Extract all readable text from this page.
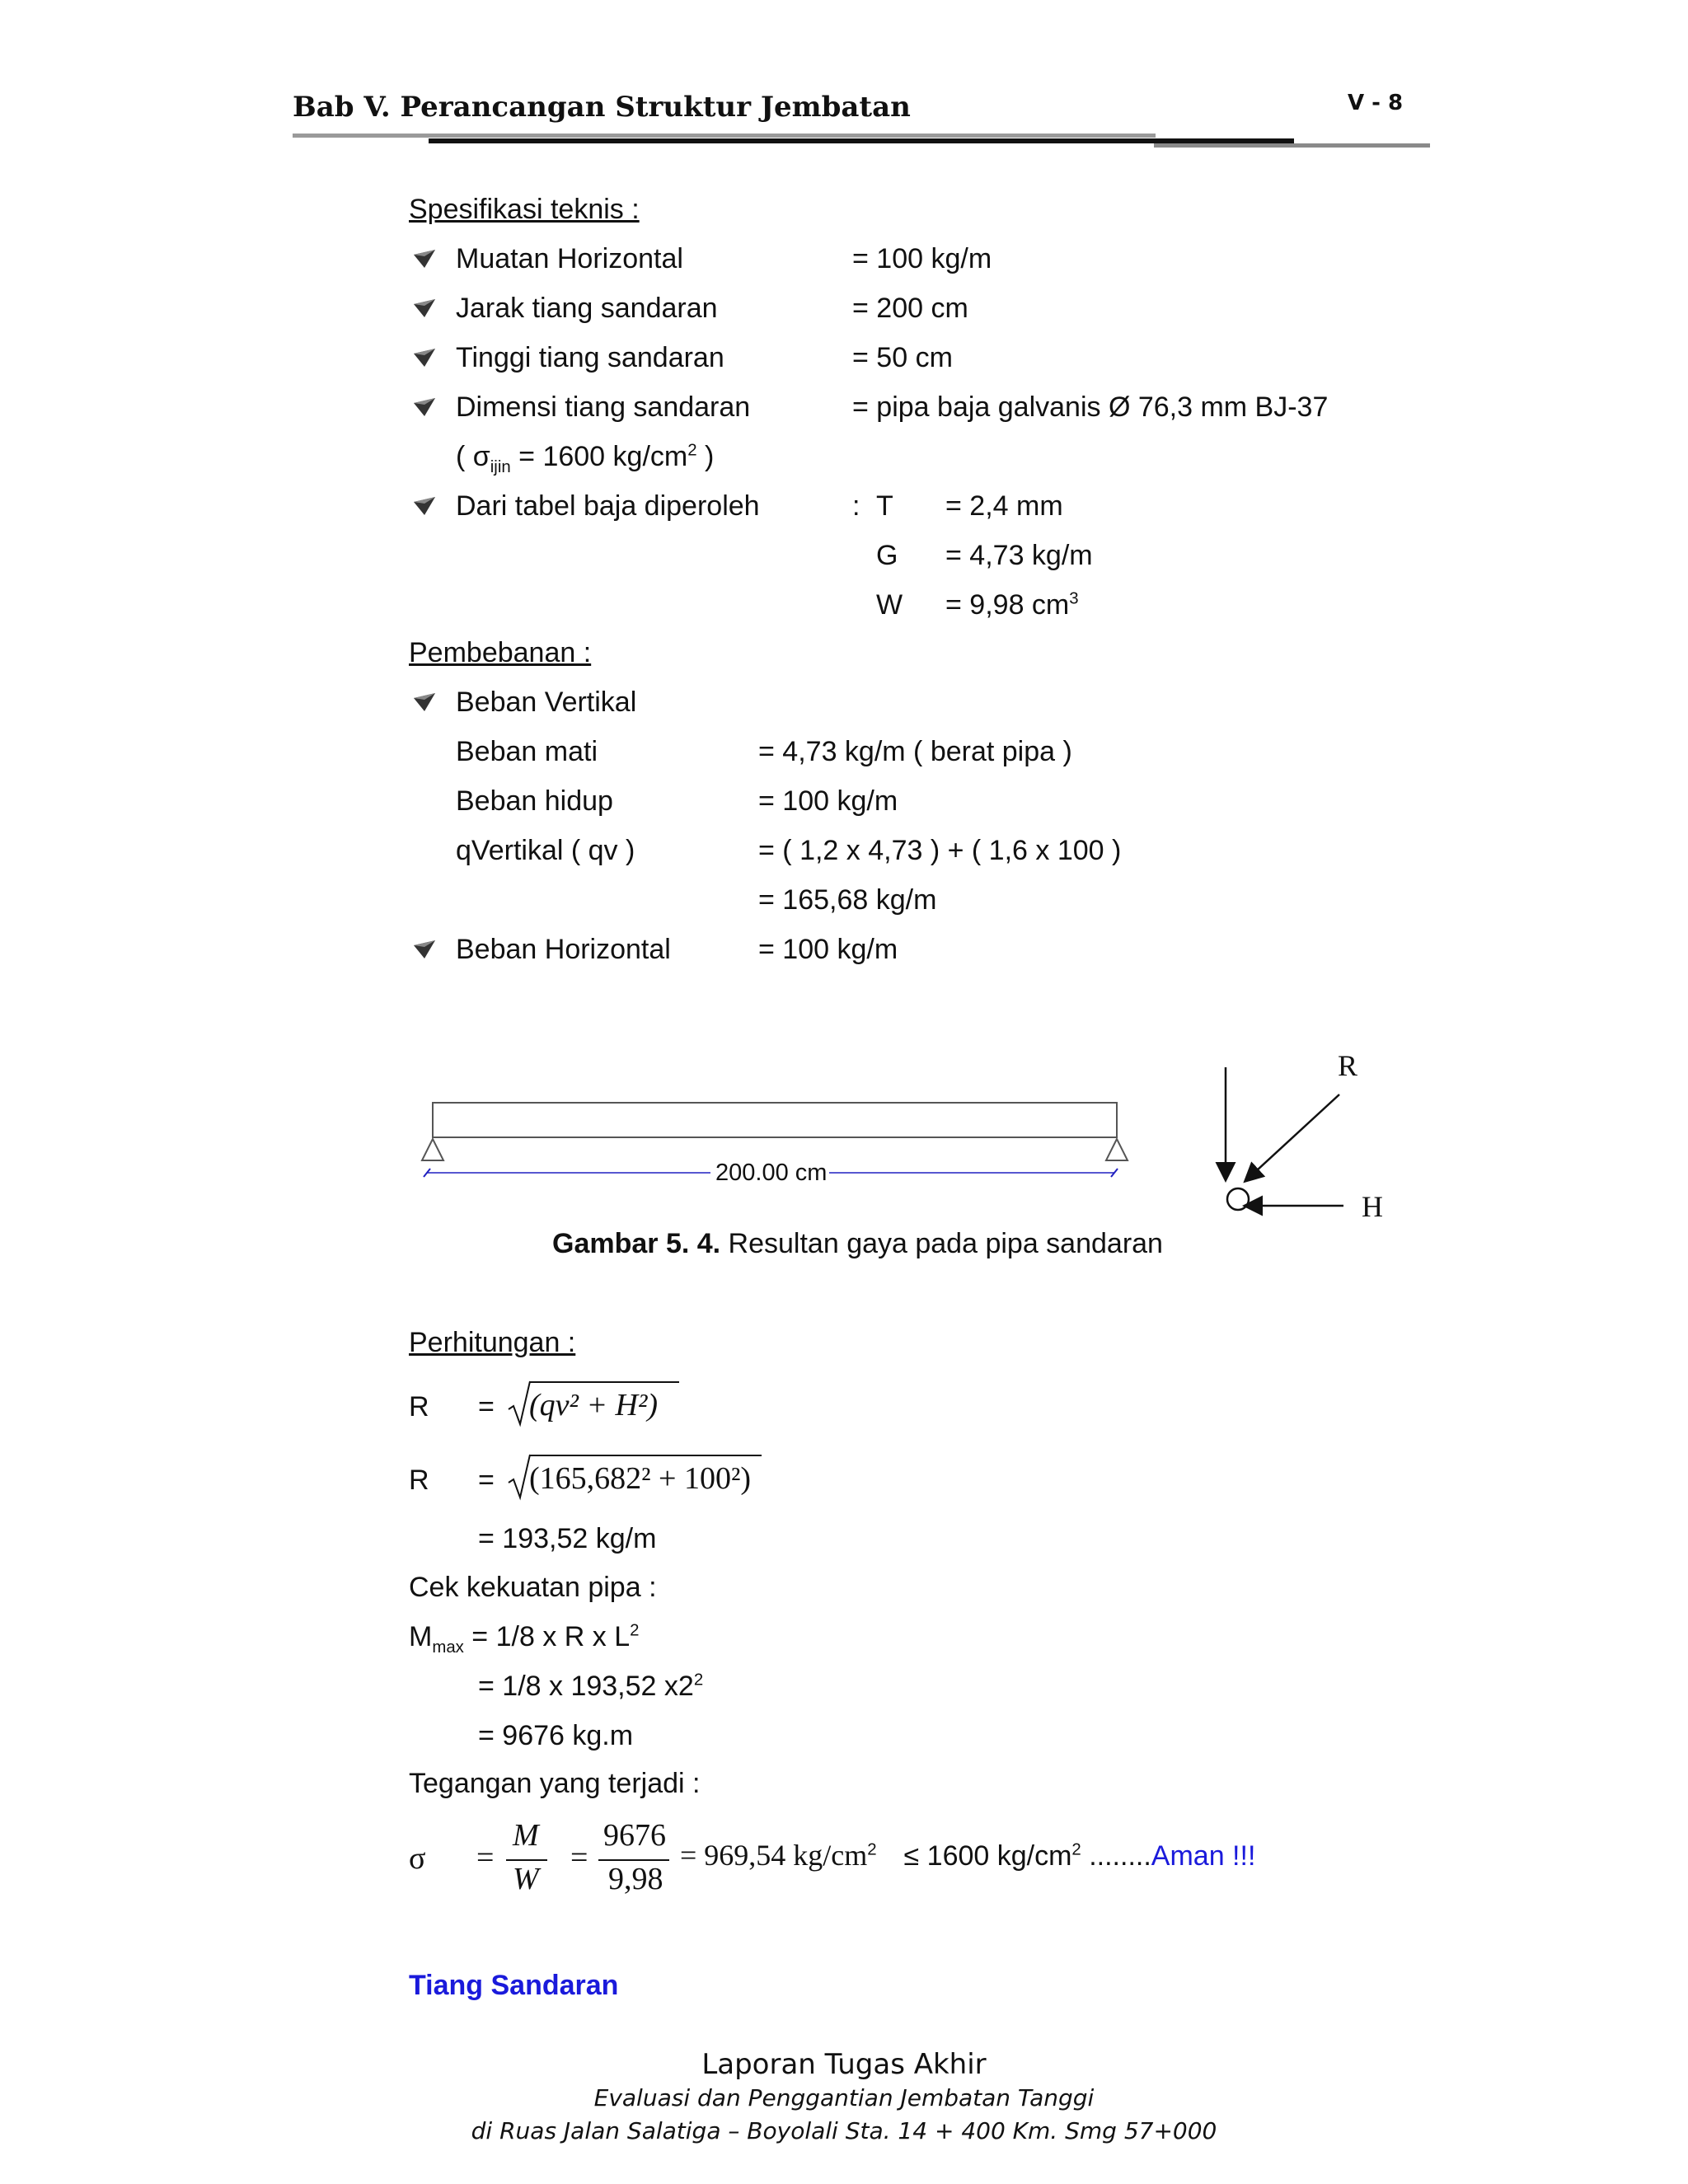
Bab V. Perancangan Struktur Jembatan	V - 8
Spesifikasi teknis :
Muatan Horizontal	= 100 kg/m
Jarak tiang sandaran	= 200 cm
Tinggi tiang sandaran	= 50 cm
Dimensi tiang sandaran	= pipa baja galvanis Ø 76,3 mm BJ-37
( $\sigma_{ijin} = 1600$ $kg/cm^2$ )
Dari tabel baja diperoleh	: T = 2,4 mm
G = 4,73 kg/m
W = 9,98 $cm^3$
Pembebanan :
Beban Vertikal
Beban mati	= 4,73 kg/m ( berat pipa )
Beban hidup	= 100 kg/m
qVertikal ( qv )	= ( 1,2 x 4,73 ) + ( 1,6 x 100 )
= 165,68 kg/m
Beban Horizontal	= 100 kg/m
200.00 cm
R
H
Gambar 5. 4. Resultan gaya pada pipa sandaran
Perhitungan :
R = (qv² + H²)
R = (165,682² + 100²)
= 193,52 kg/m
Cek kekuatan pipa :
$M_{max} = 1/8$ x R x $L^2$
= 1/8 x 193,52 $x2^2$
= 9676 kg.m
Tegangan yang terjadi :
σ =
M
W
=
9676
9,98
= 969,54 $kg/cm^2 \le 1600$ $kg/cm^2$ ........Aman !!!
Tiang Sandaran
Laporan Tugas Akhir
Evaluasi dan Penggantian Jembatan Tanggi
di Ruas Jalan Salatiga – Boyolali Sta. 14 + 400 Km. Smg 57+000
